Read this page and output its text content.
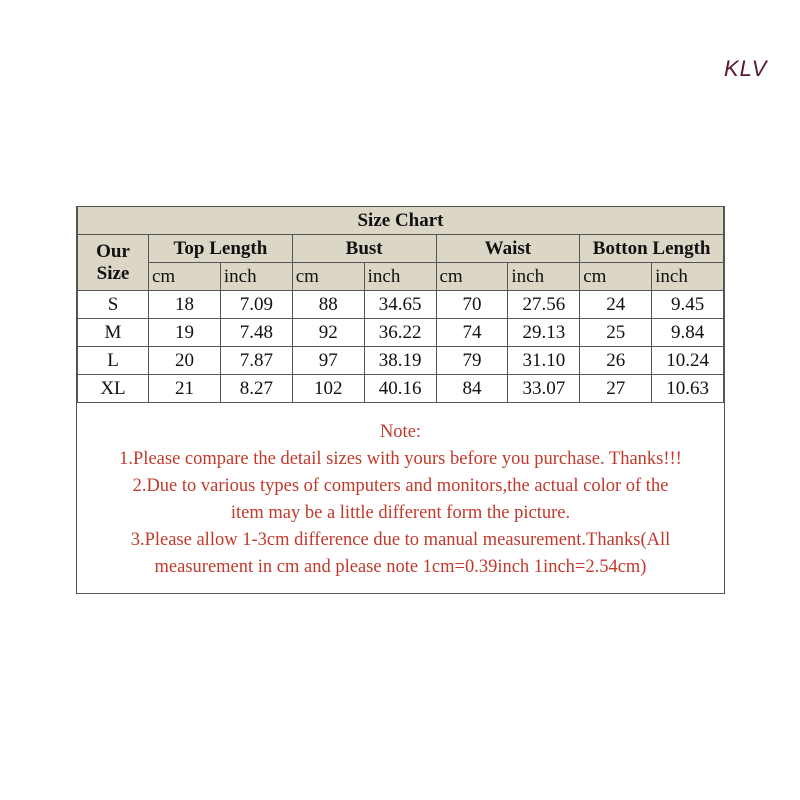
KLV
Size Chart								
Our
Size	Top Length		Bust		Waist		Botton Length	
	cm	inch	cm	inch	cm	inch	cm	inch
S	18	7.09	88	34.65	70	27.56	24	9.45
M	19	7.48	92	36.22	74	29.13	25	9.84
L	20	7.87	97	38.19	79	31.10	26	10.24
XL	21	8.27	102	40.16	84	33.07	27	10.63
Note:
1.Please compare the detail sizes with yours before you purchase. Thanks!!!
2.Due to various types of computers and monitors,the actual color of the
item may be a little different form the picture.
3.Please allow 1-3cm difference due to manual measurement.Thanks(All
measurement in cm and please note 1cm=0.39inch 1inch=2.54cm)
